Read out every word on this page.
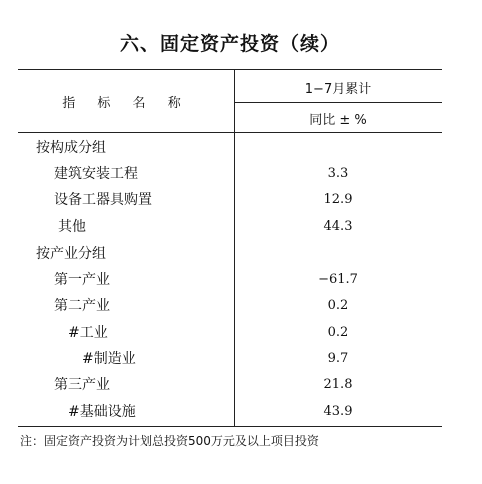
六、固定资产投资（续）
指 标 名 称
1−7月累计
同比 ± %
按构成分组
建筑安装工程	3.3
设备工器具购置	12.9
其他	44.3
按产业分组
第一产业	−61.7
第二产业	0.2
#工业	0.2
#制造业	9.7
第三产业	21.8
#基础设施	43.9
注：固定资产投资为计划总投资500万元及以上项目投资
